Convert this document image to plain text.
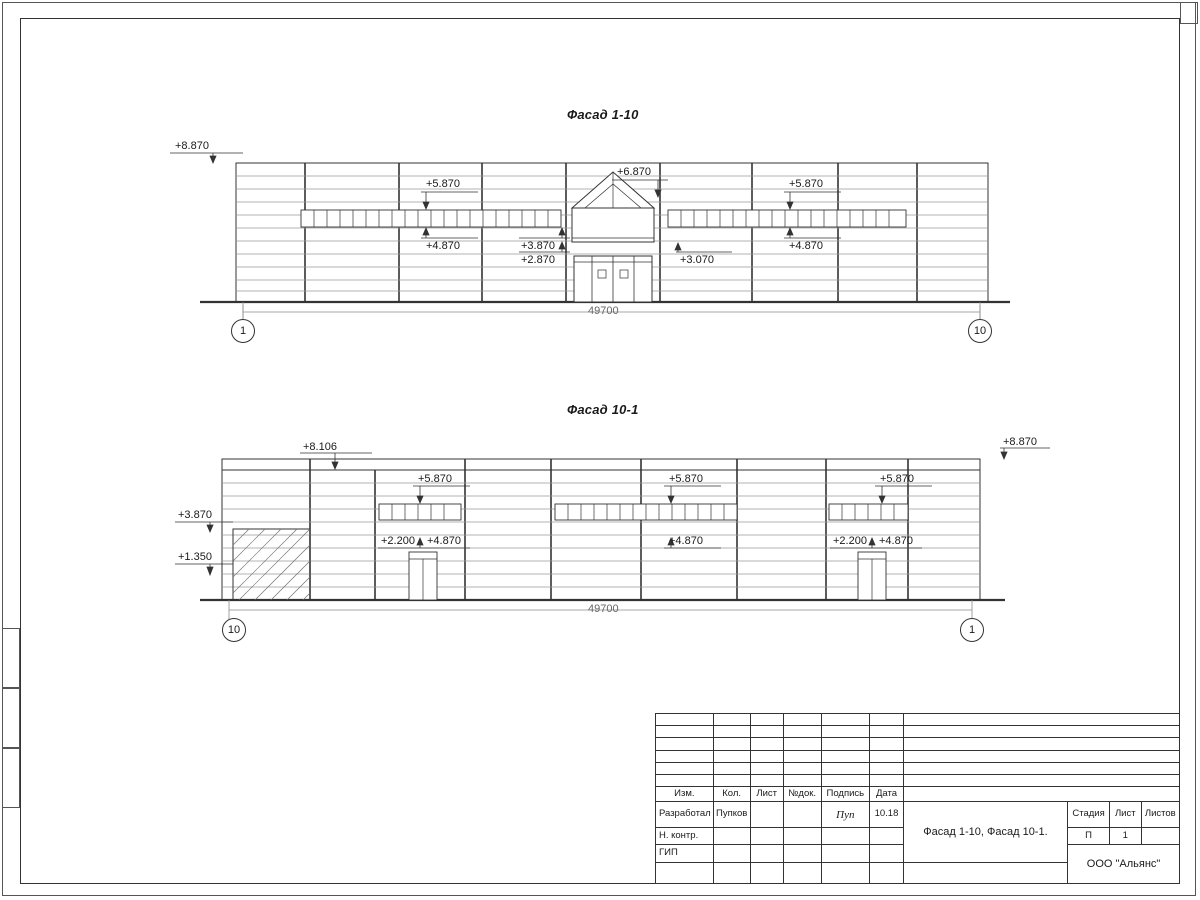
Фасад 1-10
+8.870
+5.870
+6.870
+5.870
+4.870	+3.870
+2.870	+3.070
+4.870
49700
1	10
Фасад 10-1
+8.106	+8.870
+5.870	+5.870	+5.870
+3.870
+1.350
+2.200 +4.870	+4.870	+2.200 +4.870
49700
10	1

Изм.	Кол.	Лист	№док.	Подпись	Дата				
Разработал	Пупков			Пуп	10.18	Фасад 1-10, Фасад 10-1.	Стадия	Лист	Листов
Н. контр.							П	1	
ГИП							ООО "Альянс"		
